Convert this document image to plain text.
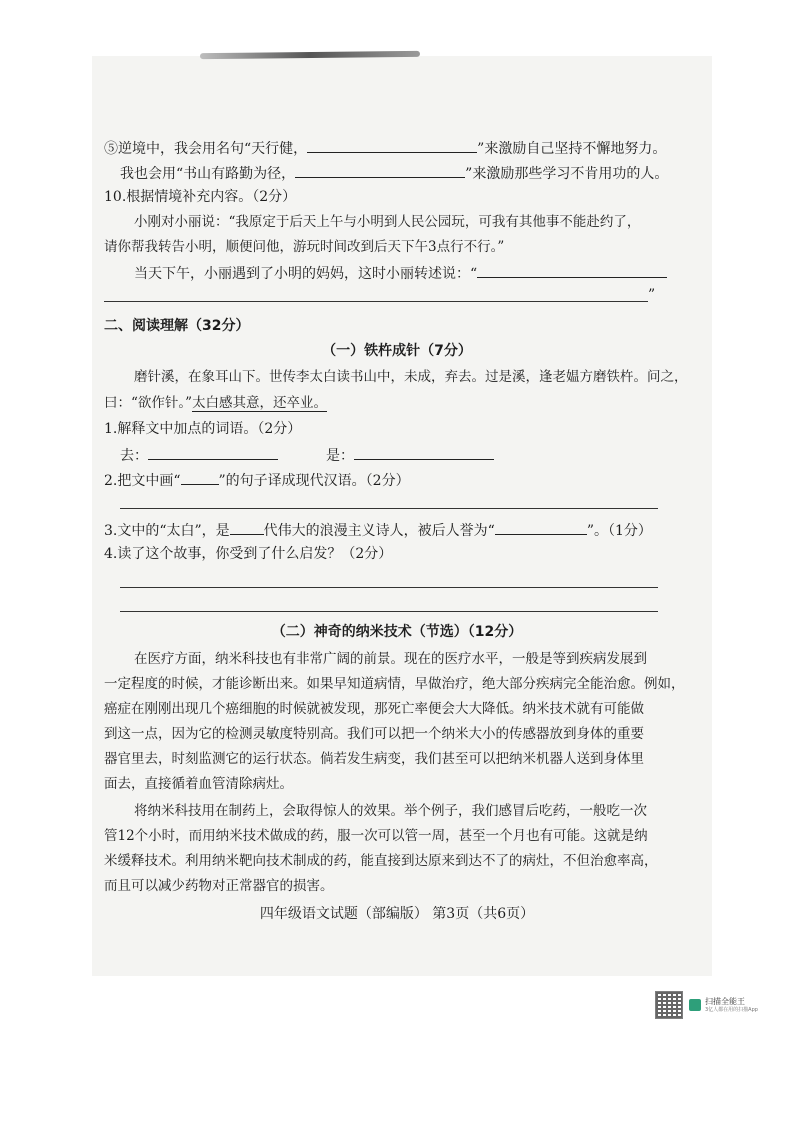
⑤逆境中，我会用名句“天行健，	”来激励自己坚持不懈地努力。
我也会用“书山有路勤为径，	”来激励那些学习不肯用功的人。
10.根据情境补充内容。（2分）
小刚对小丽说：“我原定于后天上午与小明到人民公园玩，可我有其他事不能赴约了，
请你帮我转告小明，顺便问他，游玩时间改到后天下午3点行不行。”
当天下午，小丽遇到了小明的妈妈，这时小丽转述说：“
”
二、阅读理解（32分）
（一）铁杵成针（7分）
磨针溪，在象耳山下。世传李太白读书山中，未成，弃去。过是溪，逢老媪方磨铁杵。问之，
曰：“欲作针。”太白感其意，还卒业。
1.解释文中加点的词语。（2分）
去：	是：
2.把文中画“	”的句子译成现代汉语。（2分）
3.文中的“太白”，是 代伟大的浪漫主义诗人，被后人誉为“	”。（1分）
4.读了这个故事，你受到了什么启发？（2分）
（二）神奇的纳米技术（节选）（12分）
在医疗方面，纳米科技也有非常广阔的前景。现在的医疗水平，一般是等到疾病发展到
一定程度的时候，才能诊断出来。如果早知道病情，早做治疗，绝大部分疾病完全能治愈。例如，
癌症在刚刚出现几个癌细胞的时候就被发现，那死亡率便会大大降低。纳米技术就有可能做
到这一点，因为它的检测灵敏度特别高。我们可以把一个纳米大小的传感器放到身体的重要
器官里去，时刻监测它的运行状态。倘若发生病变，我们甚至可以把纳米机器人送到身体里
面去，直接循着血管清除病灶。
将纳米科技用在制药上，会取得惊人的效果。举个例子，我们感冒后吃药，一般吃一次
管12个小时，而用纳米技术做成的药，服一次可以管一周，甚至一个月也有可能。这就是纳
米缓释技术。利用纳米靶向技术制成的药，能直接到达原来到达不了的病灶，不但治愈率高，
而且可以减少药物对正常器官的损害。
四年级语文试题（部编版） 第3页（共6页）
扫描全能王
3亿人都在用的扫描App
